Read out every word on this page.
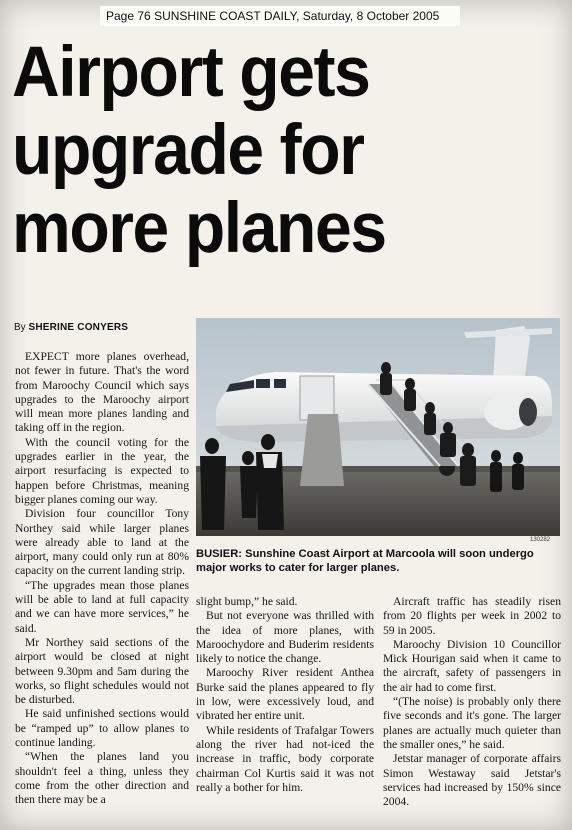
Page 76 SUNSHINE COAST DAILY, Saturday, 8 October 2005
Airport gets
upgrade for
more planes
By SHERINE CONYERS

EXPECT more planes overhead, not fewer in future. That's the word from Maroochy Council which says upgrades to the Maroochy airport will mean more planes landing and taking off in the region.

With the council voting for the upgrades earlier in the year, the airport resurfacing is expected to happen before Christmas, meaning bigger planes coming our way.

Division four councillor Tony Northey said while larger planes were already able to land at the airport, many could only run at 80% capacity on the current landing strip.

“The upgrades mean those planes will be able to land at full capacity and we can have more services,” he said.

Mr Northey said sections of the airport would be closed at night between 9.30pm and 5am during the works, so flight schedules would not be disturbed.

He said unfinished sections would be “ramped up” to allow planes to continue landing.

“When the planes land you shouldn't feel a thing, unless they come from the other direction and then there may be a

130282
BUSIER: Sunshine Coast Airport at Marcoola will soon undergo major works to cater for larger planes.

slight bump,” he said.

But not everyone was thrilled with the idea of more planes, with Maroochydore and Buderim residents likely to notice the change.

Maroochy River resident Anthea Burke said the planes appeared to fly in low, were excessively loud, and vibrated her entire unit.

While residents of Trafalgar Towers along the river had not-iced the increase in traffic, body corporate chairman Col Kurtis said it was not really a bother for him.

Aircraft traffic has steadily risen from 20 flights per week in 2002 to 59 in 2005.

Maroochy Division 10 Councillor Mick Hourigan said when it came to the aircraft, safety of passengers in the air had to come first.

“(The noise) is probably only there five seconds and it's gone. The larger planes are actually much quieter than the smaller ones,” he said.

Jetstar manager of corporate affairs Simon Westaway said Jetstar's services had increased by 150% since 2004.
